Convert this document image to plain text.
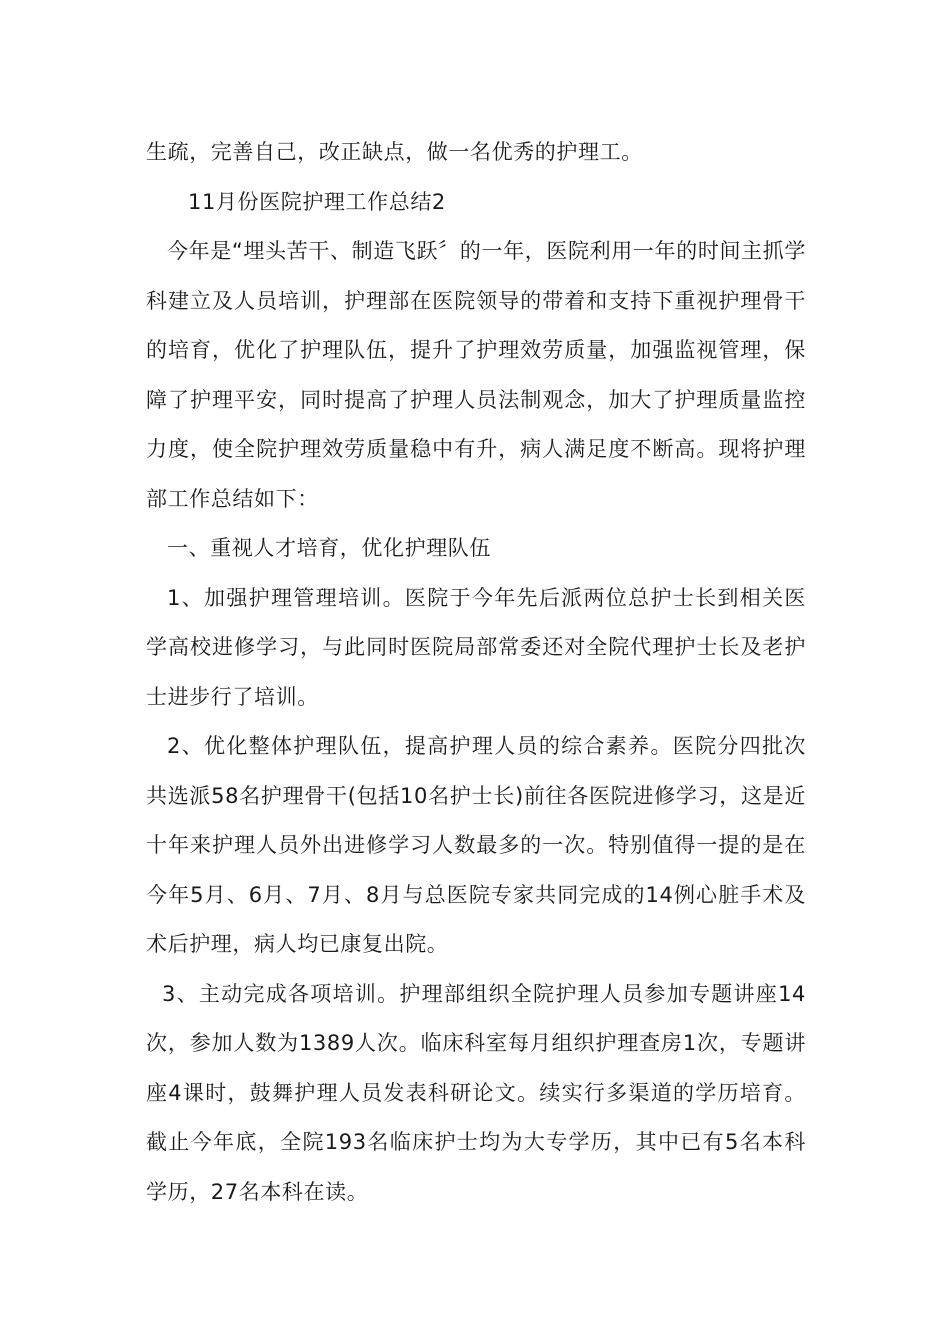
生疏，完善自己，改正缺点，做一名优秀的护理工。

11月份医院护理工作总结2

今年是“埋头苦干、制造飞跃〞的一年，医院利用一年的时间主抓学科建立及人员培训，护理部在医院领导的带着和支持下重视护理骨干的培育，优化了护理队伍，提升了护理效劳质量，加强监视管理，保障了护理平安，同时提高了护理人员法制观念，加大了护理质量监控力度，使全院护理效劳质量稳中有升，病人满足度不断高。现将护理部工作总结如下：

一、重视人才培育，优化护理队伍

1、加强护理管理培训。医院于今年先后派两位总护士长到相关医学高校进修学习，与此同时医院局部常委还对全院代理护士长及老护士进步行了培训。

2、优化整体护理队伍，提高护理人员的综合素养。医院分四批次共选派58名护理骨干(包括10名护士长)前往各医院进修学习，这是近十年来护理人员外出进修学习人数最多的一次。特别值得一提的是在今年5月、6月、7月、8月与总医院专家共同完成的14例心脏手术及术后护理，病人均已康复出院。

3、主动完成各项培训。护理部组织全院护理人员参加专题讲座14次，参加人数为1389人次。临床科室每月组织护理查房1次，专题讲座4课时，鼓舞护理人员发表科研论文。续实行多渠道的学历培育。截止今年底，全院193名临床护士均为大专学历，其中已有5名本科学历，27名本科在读。
